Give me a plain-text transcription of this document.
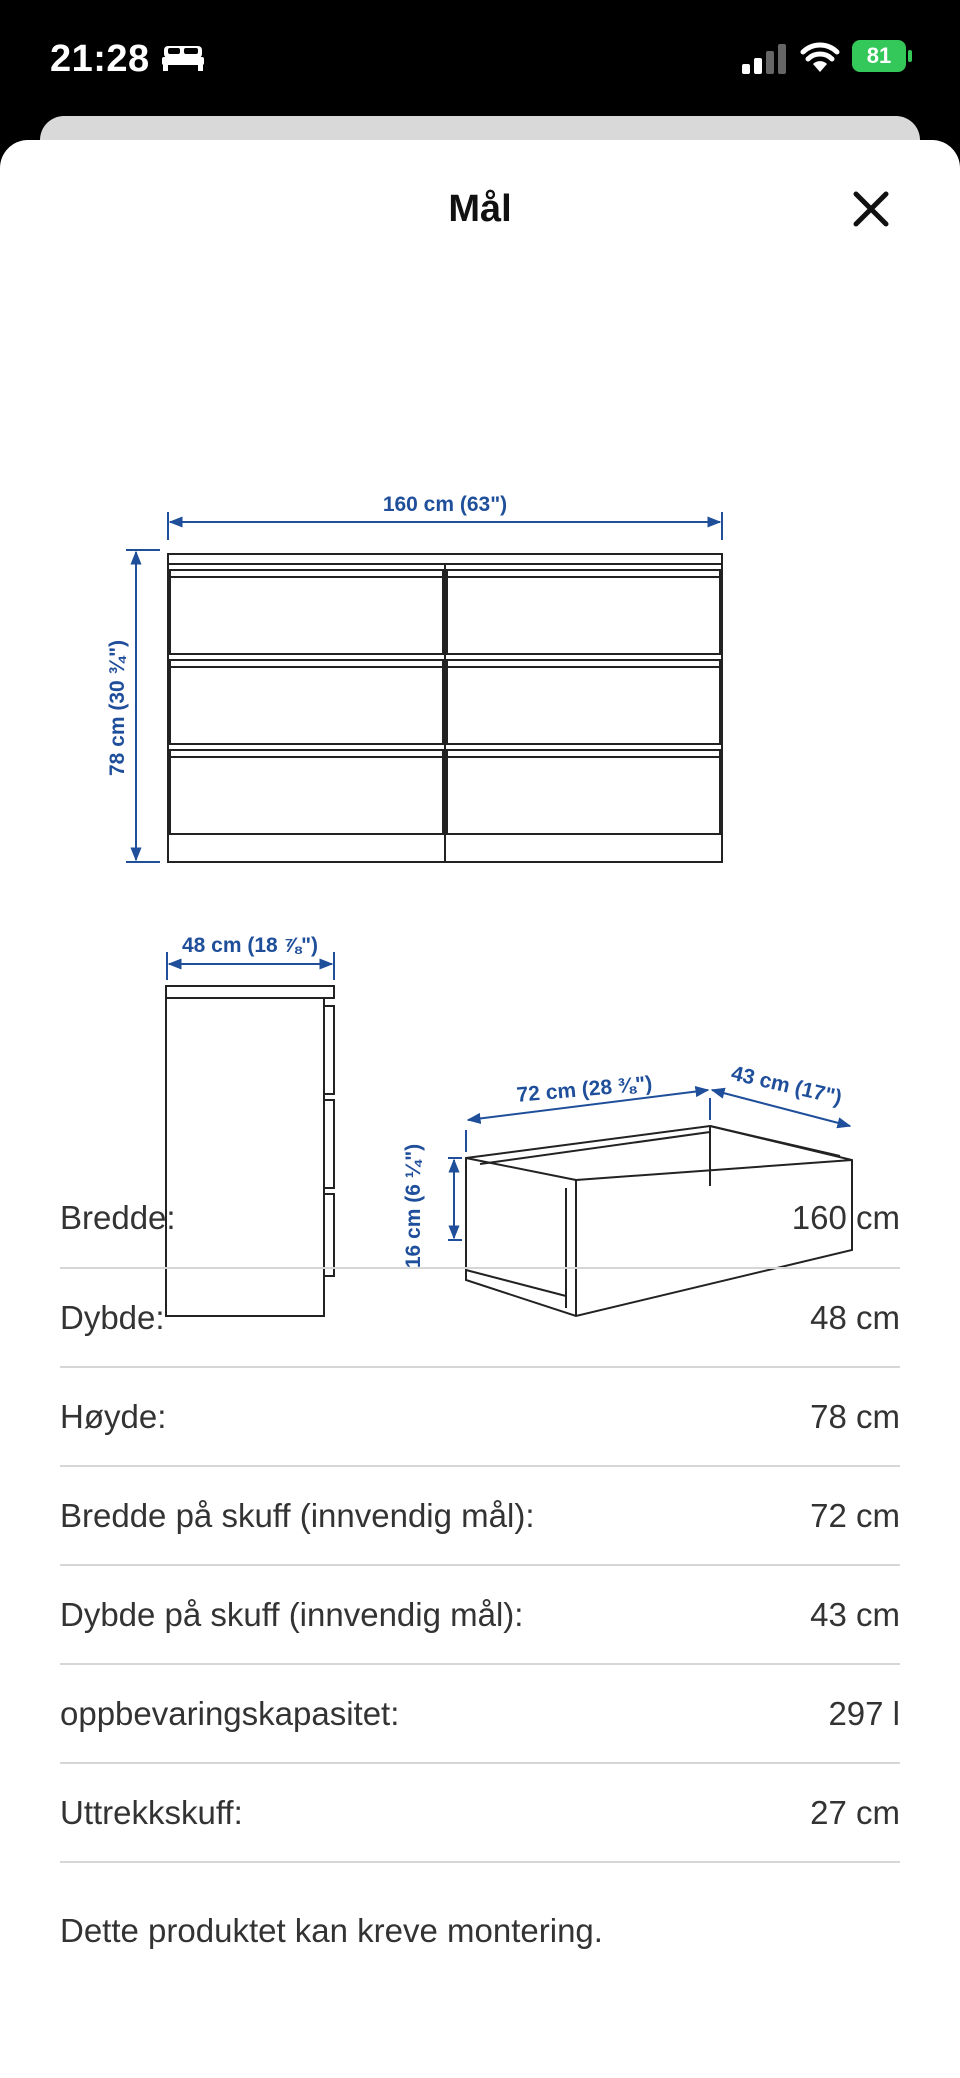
21:28	81
Mål
160 cm (63")
78 cm (30 ¾")
48 cm (18 ⅞")
72 cm (28 ⅜")	43 cm (17")
16 cm (6 ¼")
Bredde:	160 cm
Dybde:	48 cm
Høyde:	78 cm
Bredde på skuff (innvendig mål):	72 cm
Dybde på skuff (innvendig mål):	43 cm
oppbevaringskapasitet:	297 l
Uttrekkskuff:	27 cm
Dette produktet kan kreve montering.
